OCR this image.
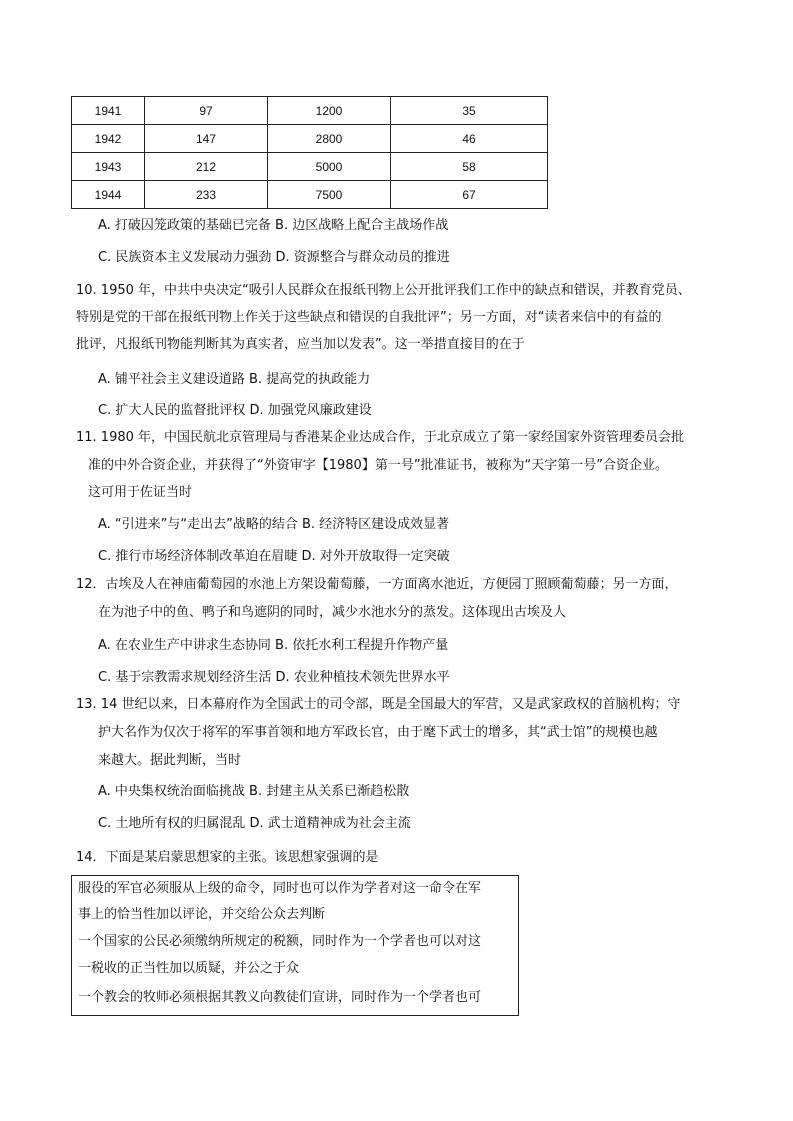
1941	97	1200	35
1942	147	2800	46
1943	212	5000	58
1944	233	7500	67
A. 打破囚笼政策的基础已完备 B. 边区战略上配合主战场作战
C. 民族资本主义发展动力强劲 D. 资源整合与群众动员的推进
10. 1950 年，中共中央决定“吸引人民群众在报纸刊物上公开批评我们工作中的缺点和错误，并教育党员、
特别是党的干部在报纸刊物上作关于这些缺点和错误的自我批评”；另一方面，对“读者来信中的有益的
批评，凡报纸刊物能判断其为真实者，应当加以发表”。这一举措直接目的在于
A. 铺平社会主义建设道路 B. 提高党的执政能力
C. 扩大人民的监督批评权 D. 加强党风廉政建设
11. 1980 年，中国民航北京管理局与香港某企业达成合作，于北京成立了第一家经国家外资管理委员会批
准的中外合资企业，并获得了“外资审字【1980】第一号”批准证书，被称为“天字第一号”合资企业。
这可用于佐证当时
A. “引进来”与“走出去”战略的结合 B. 经济特区建设成效显著
C. 推行市场经济体制改革迫在眉睫 D. 对外开放取得一定突破
12．古埃及人在神庙葡萄园的水池上方架设葡萄藤，一方面离水池近，方便园丁照顾葡萄藤；另一方面，
在为池子中的鱼、鸭子和鸟遮阴的同时，减少水池水分的蒸发。这体现出古埃及人
A. 在农业生产中讲求生态协同 B. 依托水利工程提升作物产量
C. 基于宗教需求规划经济生活 D. 农业种植技术领先世界水平
13. 14 世纪以来，日本幕府作为全国武士的司令部，既是全国最大的军营，又是武家政权的首脑机构；守
护大名作为仅次于将军的军事首领和地方军政长官，由于麾下武士的增多，其“武士馆”的规模也越
来越大。据此判断，当时
A. 中央集权统治面临挑战 B. 封建主从关系已渐趋松散
C. 土地所有权的归属混乱 D. 武士道精神成为社会主流
14．下面是某启蒙思想家的主张。该思想家强调的是
服役的军官必须服从上级的命令，同时也可以作为学者对这一命令在军
事上的恰当性加以评论，并交给公众去判断
一个国家的公民必须缴纳所规定的税额，同时作为一个学者也可以对这
一税收的正当性加以质疑，并公之于众
一个教会的牧师必须根据其教义向教徒们宣讲，同时作为一个学者也可
